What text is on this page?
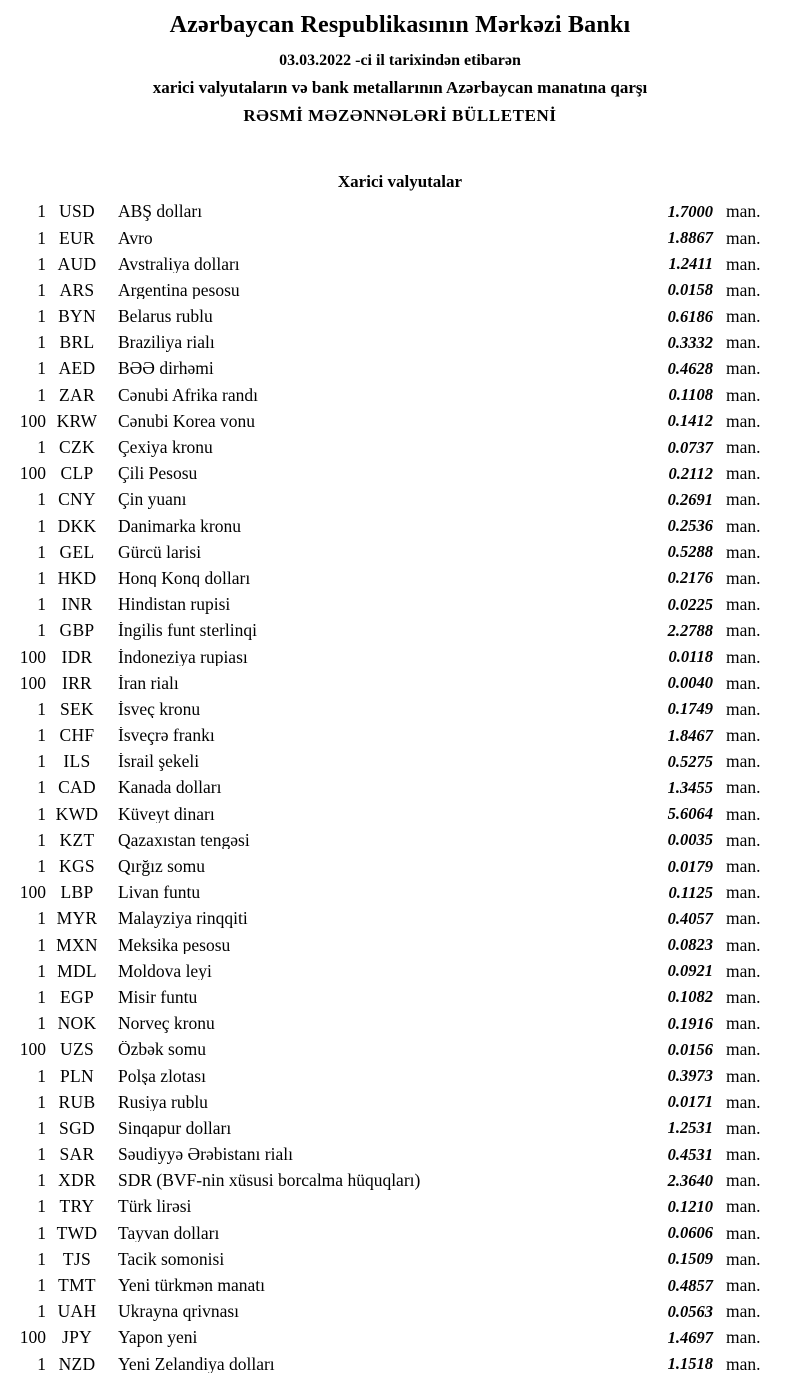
Azərbaycan Respublikasının Mərkəzi Bankı
03.03.2022 -ci il tarixindən etibarən
xarici valyutaların və bank metallarının Azərbaycan manatına qarşı
RƏSMİ MƏZƏNNƏLƏRİ BÜLLETENİ
Xarici valyutalar
1 USD	ABŞ dolları	1.7000 man.
1 EUR	Avro	1.8867 man.
1 AUD	Avstraliya dolları	1.2411 man.
1 ARS	Argentina pesosu	0.0158 man.
1 BYN	Belarus rublu	0.6186 man.
1 BRL	Braziliya rialı	0.3332 man.
1 AED	BƏƏ dirhəmi	0.4628 man.
1 ZAR	Cənubi Afrika randı	0.1108 man.
100 KRW	Cənubi Korea vonu	0.1412 man.
1 CZK	Çexiya kronu	0.0737 man.
100 CLP	Çili Pesosu	0.2112 man.
1 CNY	Çin yuanı	0.2691 man.
1 DKK	Danimarka kronu	0.2536 man.
1 GEL	Gürcü larisi	0.5288 man.
1 HKD	Honq Konq dolları	0.2176 man.
1 INR	Hindistan rupisi	0.0225 man.
1 GBP	İngilis funt sterlinqi	2.2788 man.
100 IDR	İndoneziya rupiası	0.0118 man.
100 IRR	İran rialı	0.0040 man.
1 SEK	İsveç kronu	0.1749 man.
1 CHF	İsveçrə frankı	1.8467 man.
1 ILS	İsrail şekeli	0.5275 man.
1 CAD	Kanada dolları	1.3455 man.
1 KWD	Küveyt dinarı	5.6064 man.
1 KZT	Qazaxıstan tengəsi	0.0035 man.
1 KGS	Qırğız somu	0.0179 man.
100 LBP	Livan funtu	0.1125 man.
1 MYR	Malayziya rinqqiti	0.4057 man.
1 MXN	Meksika pesosu	0.0823 man.
1 MDL	Moldova leyi	0.0921 man.
1 EGP	Misir funtu	0.1082 man.
1 NOK	Norveç kronu	0.1916 man.
100 UZS	Özbək somu	0.0156 man.
1 PLN	Polşa zlotası	0.3973 man.
1 RUB	Rusiya rublu	0.0171 man.
1 SGD	Sinqapur dolları	1.2531 man.
1 SAR	Səudiyyə Ərəbistanı rialı	0.4531 man.
1 XDR	SDR (BVF-nin xüsusi borcalma hüquqları)	2.3640 man.
1 TRY	Türk lirəsi	0.1210 man.
1 TWD	Tayvan dolları	0.0606 man.
1 TJS	Tacik somonisi	0.1509 man.
1 TMT	Yeni türkmən manatı	0.4857 man.
1 UAH	Ukrayna qrivnası	0.0563 man.
100 JPY	Yapon yeni	1.4697 man.
1 NZD	Yeni Zelandiya dolları	1.1518 man.
